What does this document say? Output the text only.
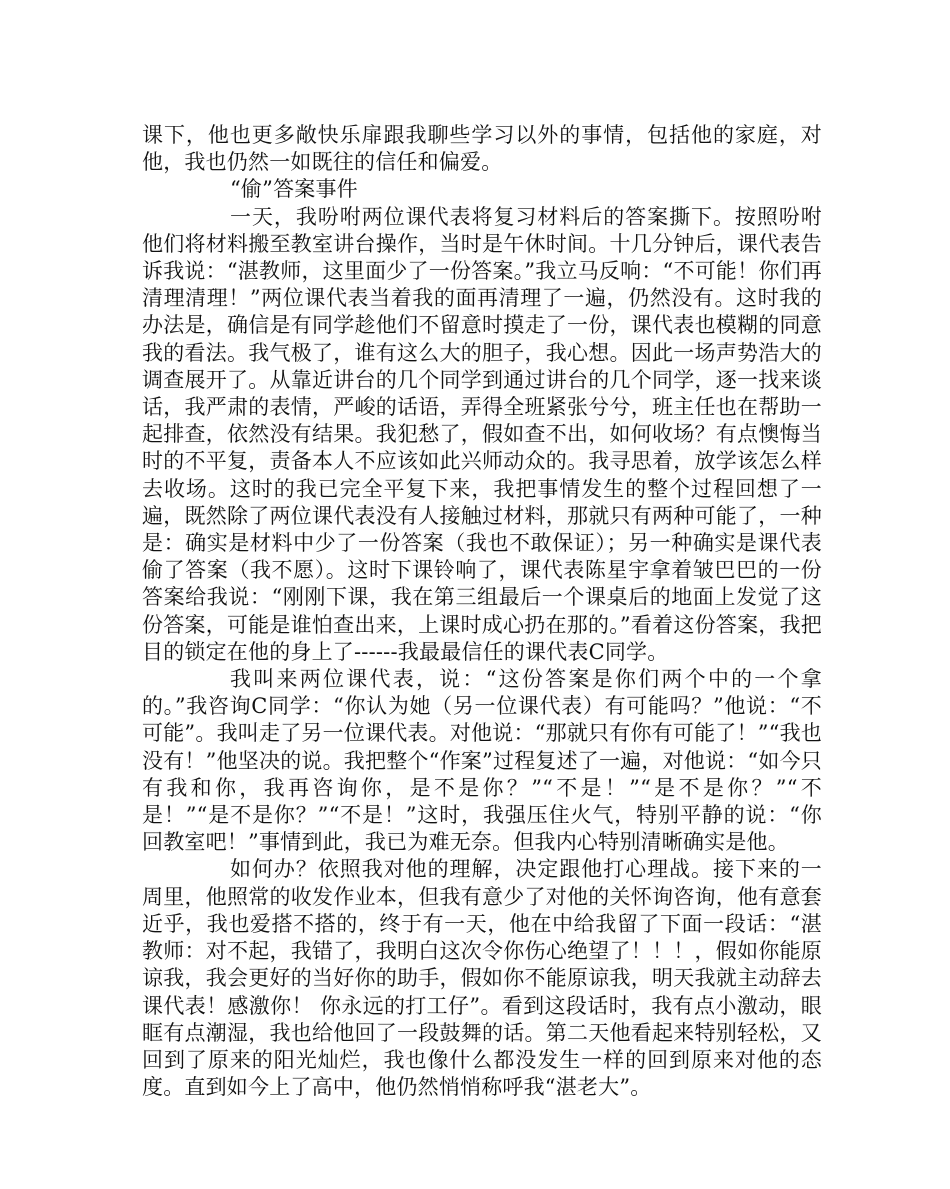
课下，他也更多敞快乐扉跟我聊些学习以外的事情，包括他的家庭，对他，我也仍然一如既往的信任和偏爱。

“偷”答案事件

一天，我吩咐两位课代表将复习材料后的答案撕下。按照吩咐他们将材料搬至教室讲台操作，当时是午休时间。十几分钟后，课代表告诉我说：“湛教师，这里面少了一份答案。”我立马反响：“不可能！你们再清理清理！”两位课代表当着我的面再清理了一遍，仍然没有。这时我的办法是，确信是有同学趁他们不留意时摸走了一份，课代表也模糊的同意我的看法。我气极了，谁有这么大的胆子，我心想。因此一场声势浩大的调查展开了。从靠近讲台的几个同学到通过讲台的几个同学，逐一找来谈话，我严肃的表情，严峻的话语，弄得全班紧张兮兮，班主任也在帮助一起排查，依然没有结果。我犯愁了，假如查不出，如何收场？有点懊悔当时的不平复，责备本人不应该如此兴师动众的。我寻思着，放学该怎么样去收场。这时的我已完全平复下来，我把事情发生的整个过程回想了一遍，既然除了两位课代表没有人接触过材料，那就只有两种可能了，一种是：确实是材料中少了一份答案（我也不敢保证）；另一种确实是课代表偷了答案（我不愿）。这时下课铃响了，课代表陈星宇拿着皱巴巴的一份答案给我说：“刚刚下课，我在第三组最后一个课桌后的地面上发觉了这份答案，可能是谁怕查出来，上课时成心扔在那的。”看着这份答案，我把目的锁定在他的身上了------我最最信任的课代表C同学。

我叫来两位课代表，说：“这份答案是你们两个中的一个拿的。”我咨询C同学：“你认为她（另一位课代表）有可能吗？”他说：“不可能”。我叫走了另一位课代表。对他说：“那就只有你有可能了！”“我也没有！”他坚决的说。我把整个“作案”过程复述了一遍，对他说：“如今只有我和你，我再咨询你，是不是你？”“不是！”“是不是你？”“不是！”“是不是你？”“不是！”这时，我强压住火气，特别平静的说：“你回教室吧！”事情到此，我已为难无奈。但我内心特别清晰确实是他。

如何办？依照我对他的理解，决定跟他打心理战。接下来的一周里，他照常的收发作业本，但我有意少了对他的关怀询咨询，他有意套近乎，我也爱搭不搭的，终于有一天，他在中给我留了下面一段话：“湛教师：对不起，我错了，我明白这次令你伤心绝望了！！！，假如你能原谅我，我会更好的当好你的助手，假如你不能原谅我，明天我就主动辞去课代表！感激你！ 你永远的打工仔”。看到这段话时，我有点小激动，眼眶有点潮湿，我也给他回了一段鼓舞的话。第二天他看起来特别轻松，又回到了原来的阳光灿烂，我也像什么都没发生一样的回到原来对他的态度。直到如今上了高中，他仍然悄悄称呼我“湛老大”。
